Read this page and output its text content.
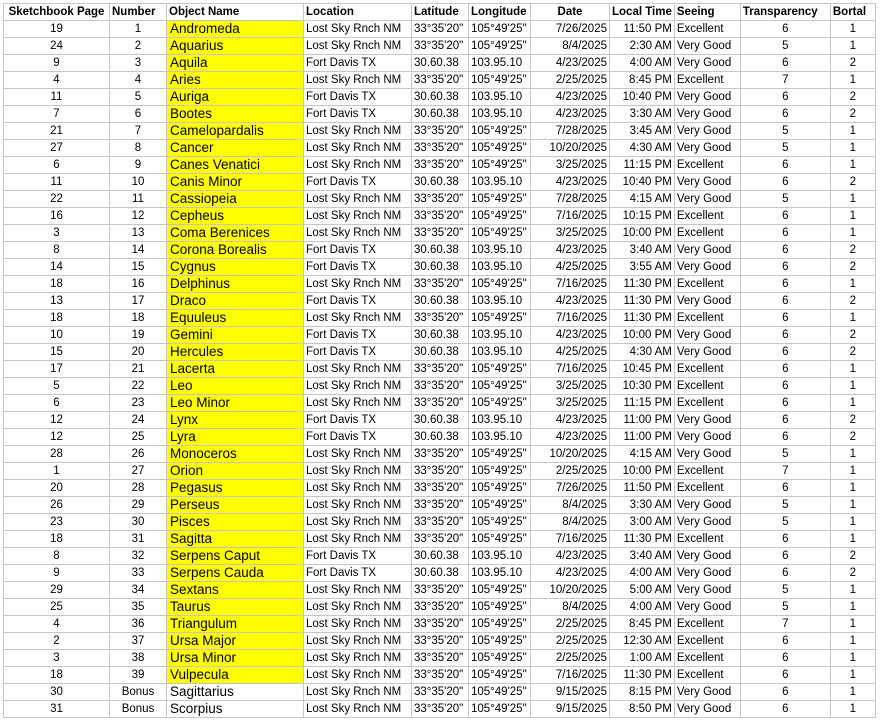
Sketchbook Page	Number	Object Name	Location	Latitude	Longitude	Date	Local Time	Seeing	Transparency	Bortal
19	1	Andromeda	Lost Sky Rnch NM	33°35'20"	105°49'25"	7/26/2025	11:50 PM	Excellent	6	1
24	2	Aquarius	Lost Sky Rnch NM	33°35'20"	105°49'25"	8/4/2025	2:30 AM	Very Good	5	1
9	3	Aquila	Fort Davis TX	30.60.38	103.95.10	4/23/2025	4:00 AM	Very Good	6	2
4	4	Aries	Lost Sky Rnch NM	33°35'20"	105°49'25"	2/25/2025	8:45 PM	Excellent	7	1
11	5	Auriga	Fort Davis TX	30.60.38	103.95.10	4/23/2025	10:40 PM	Very Good	6	2
7	6	Bootes	Fort Davis TX	30.60.38	103.95.10	4/23/2025	3:30 AM	Very Good	6	2
21	7	Camelopardalis	Lost Sky Rnch NM	33°35'20"	105°49'25"	7/28/2025	3:45 AM	Very Good	5	1
27	8	Cancer	Lost Sky Rnch NM	33°35'20"	105°49'25"	10/20/2025	4:30 AM	Very Good	5	1
6	9	Canes Venatici	Lost Sky Rnch NM	33°35'20"	105°49'25"	3/25/2025	11:15 PM	Excellent	6	1
11	10	Canis Minor	Fort Davis TX	30.60.38	103.95.10	4/23/2025	10:40 PM	Very Good	6	2
22	11	Cassiopeia	Lost Sky Rnch NM	33°35'20"	105°49'25"	7/28/2025	4:15 AM	Very Good	5	1
16	12	Cepheus	Lost Sky Rnch NM	33°35'20"	105°49'25"	7/16/2025	10:15 PM	Excellent	6	1
3	13	Coma Berenices	Lost Sky Rnch NM	33°35'20"	105°49'25"	3/25/2025	10:00 PM	Excellent	6	1
8	14	Corona Borealis	Fort Davis TX	30.60.38	103.95.10	4/23/2025	3:40 AM	Very Good	6	2
14	15	Cygnus	Fort Davis TX	30.60.38	103.95.10	4/25/2025	3:55 AM	Very Good	6	2
18	16	Delphinus	Lost Sky Rnch NM	33°35'20"	105°49'25"	7/16/2025	11:30 PM	Excellent	6	1
13	17	Draco	Fort Davis TX	30.60.38	103.95.10	4/23/2025	11:30 PM	Very Good	6	2
18	18	Equuleus	Lost Sky Rnch NM	33°35'20"	105°49'25"	7/16/2025	11:30 PM	Excellent	6	1
10	19	Gemini	Fort Davis TX	30.60.38	103.95.10	4/23/2025	10:00 PM	Very Good	6	2
15	20	Hercules	Fort Davis TX	30.60.38	103.95.10	4/25/2025	4:30 AM	Very Good	6	2
17	21	Lacerta	Lost Sky Rnch NM	33°35'20"	105°49'25"	7/16/2025	10:45 PM	Excellent	6	1
5	22	Leo	Lost Sky Rnch NM	33°35'20"	105°49'25"	3/25/2025	10:30 PM	Excellent	6	1
6	23	Leo Minor	Lost Sky Rnch NM	33°35'20"	105°49'25"	3/25/2025	11:15 PM	Excellent	6	1
12	24	Lynx	Fort Davis TX	30.60.38	103.95.10	4/23/2025	11:00 PM	Very Good	6	2
12	25	Lyra	Fort Davis TX	30.60.38	103.95.10	4/23/2025	11:00 PM	Very Good	6	2
28	26	Monoceros	Lost Sky Rnch NM	33°35'20"	105°49'25"	10/20/2025	4:15 AM	Very Good	5	1
1	27	Orion	Lost Sky Rnch NM	33°35'20"	105°49'25"	2/25/2025	10:00 PM	Excellent	7	1
20	28	Pegasus	Lost Sky Rnch NM	33°35'20"	105°49'25"	7/26/2025	11:50 PM	Excellent	6	1
26	29	Perseus	Lost Sky Rnch NM	33°35'20"	105°49'25"	8/4/2025	3:30 AM	Very Good	5	1
23	30	Pisces	Lost Sky Rnch NM	33°35'20"	105°49'25"	8/4/2025	3:00 AM	Very Good	5	1
18	31	Sagitta	Lost Sky Rnch NM	33°35'20"	105°49'25"	7/16/2025	11:30 PM	Excellent	6	1
8	32	Serpens Caput	Fort Davis TX	30.60.38	103.95.10	4/23/2025	3:40 AM	Very Good	6	2
9	33	Serpens Cauda	Fort Davis TX	30.60.38	103.95.10	4/23/2025	4:00 AM	Very Good	6	2
29	34	Sextans	Lost Sky Rnch NM	33°35'20"	105°49'25"	10/20/2025	5:00 AM	Very Good	5	1
25	35	Taurus	Lost Sky Rnch NM	33°35'20"	105°49'25"	8/4/2025	4:00 AM	Very Good	5	1
4	36	Triangulum	Lost Sky Rnch NM	33°35'20"	105°49'25"	2/25/2025	8:45 PM	Excellent	7	1
2	37	Ursa Major	Lost Sky Rnch NM	33°35'20"	105°49'25"	2/25/2025	12:30 AM	Excellent	6	1
3	38	Ursa Minor	Lost Sky Rnch NM	33°35'20"	105°49'25"	2/25/2025	1:00 AM	Excellent	6	1
18	39	Vulpecula	Lost Sky Rnch NM	33°35'20"	105°49'25"	7/16/2025	11:30 PM	Excellent	6	1
30	Bonus	Sagittarius	Lost Sky Rnch NM	33°35'20"	105°49'25"	9/15/2025	8:15 PM	Very Good	6	1
31	Bonus	Scorpius	Lost Sky Rnch NM	33°35'20"	105°49'25"	9/15/2025	8:50 PM	Very Good	6	1
